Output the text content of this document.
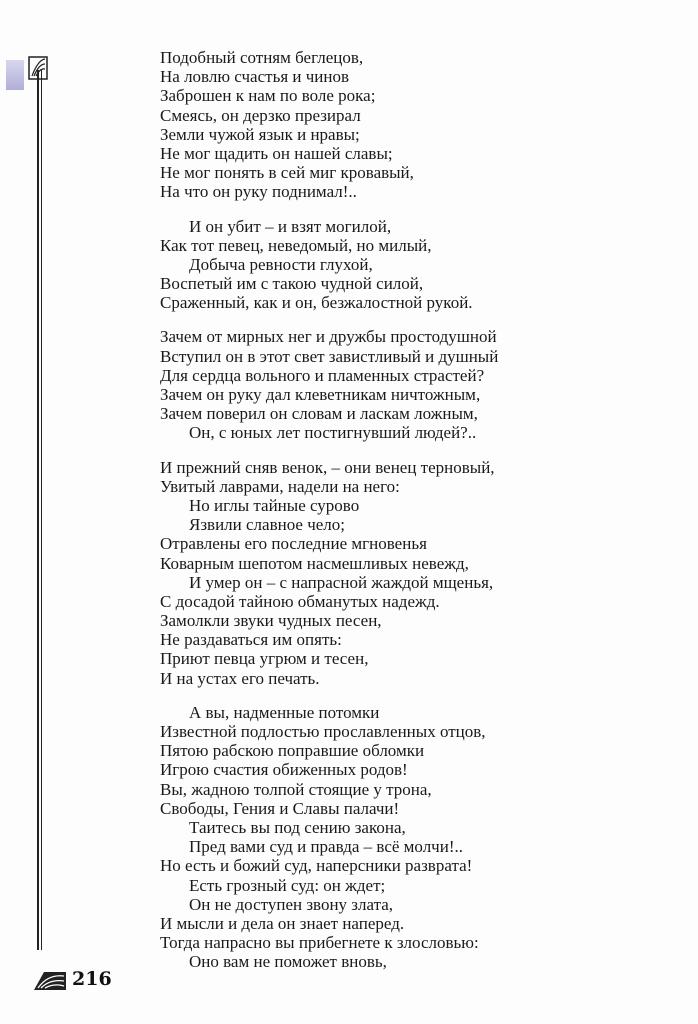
216
Подобный сотням беглецов,
На ловлю счастья и чинов
Заброшен к нам по воле рока;
Смеясь, он дерзко презирал
Земли чужой язык и нравы;
Не мог щадить он нашей славы;
Не мог понять в сей миг кровавый,
На что он руку поднимал!..
И он убит – и взят могилой,
Как тот певец, неведомый, но милый,
Добыча ревности глухой,
Воспетый им с такою чудной силой,
Сраженный, как и он, безжалостной рукой.
Зачем от мирных нег и дружбы простодушной
Вступил он в этот свет завистливый и душный
Для сердца вольного и пламенных страстей?
Зачем он руку дал клеветникам ничтожным,
Зачем поверил он словам и ласкам ложным,
Он, с юных лет постигнувший людей?..
И прежний сняв венок, – они венец терновый,
Увитый лаврами, надели на него:
Но иглы тайные сурово
Язвили славное чело;
Отравлены его последние мгновенья
Коварным шепотом насмешливых невежд,
И умер он – с напрасной жаждой мщенья,
С досадой тайною обманутых надежд.
Замолкли звуки чудных песен,
Не раздаваться им опять:
Приют певца угрюм и тесен,
И на устах его печать.
А вы, надменные потомки
Известной подлостью прославленных отцов,
Пятою рабскою поправшие обломки
Игрою счастия обиженных родов!
Вы, жадною толпой стоящие у трона,
Свободы, Гения и Славы палачи!
Таитесь вы под сению закона,
Пред вами суд и правда – всё молчи!..
Но есть и божий суд, наперсники разврата!
Есть грозный суд: он ждет;
Он не доступен звону злата,
И мысли и дела он знает наперед.
Тогда напрасно вы прибегнете к злословью:
Оно вам не поможет вновь,
